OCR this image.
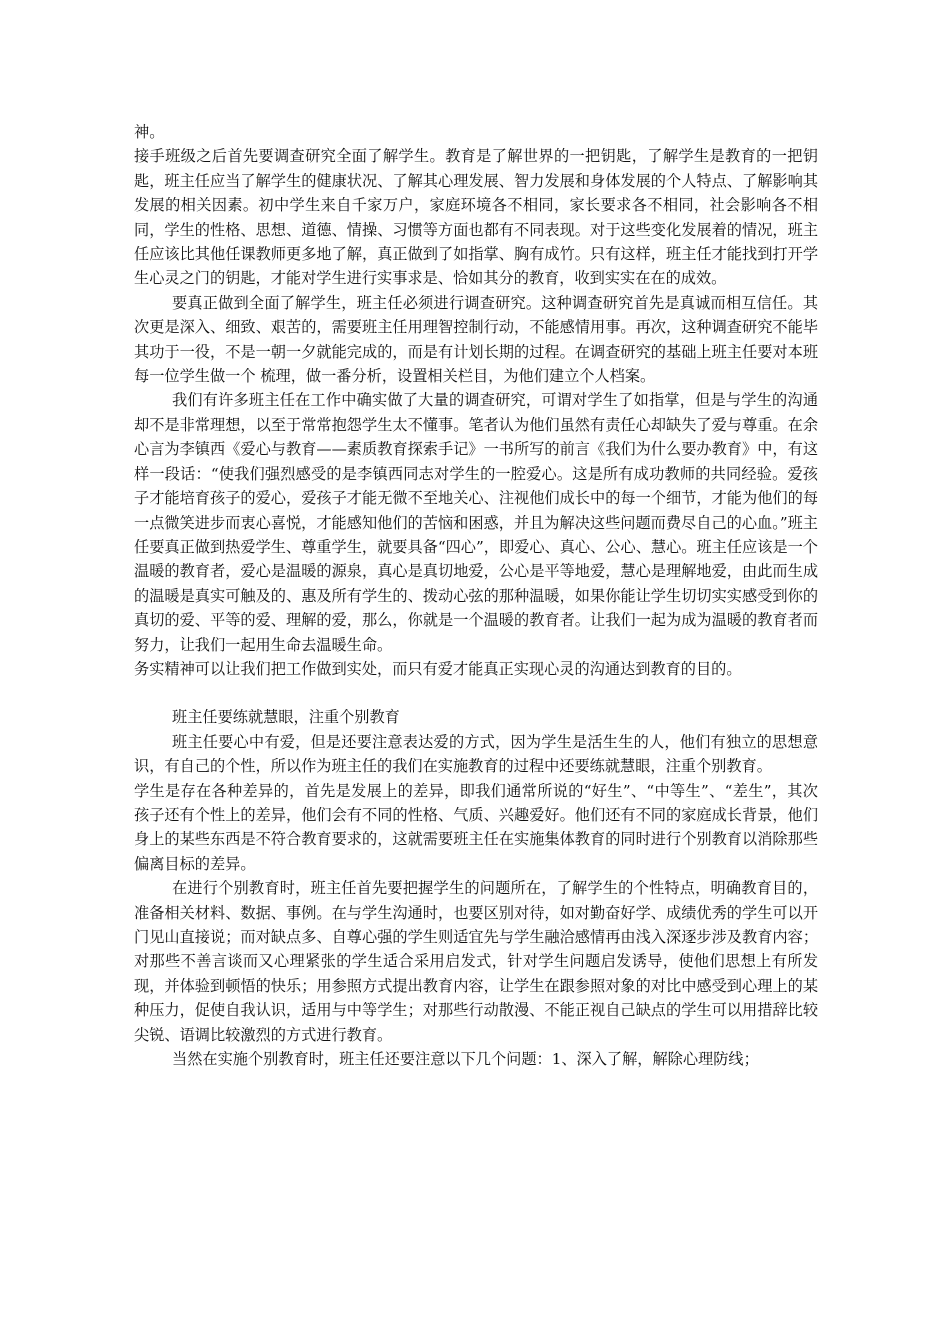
神。

接手班级之后首先要调查研究全面了解学生。教育是了解世界的一把钥匙，了解学生是教育的一把钥匙，班主任应当了解学生的健康状况、了解其心理发展、智力发展和身体发展的个人特点、了解影响其发展的相关因素。初中学生来自千家万户，家庭环境各不相同，家长要求各不相同，社会影响各不相同，学生的性格、思想、道德、情操、习惯等方面也都有不同表现。对于这些变化发展着的情况，班主任应该比其他任课教师更多地了解，真正做到了如指掌、胸有成竹。只有这样，班主任才能找到打开学生心灵之门的钥匙，才能对学生进行实事求是、恰如其分的教育，收到实实在在的成效。

要真正做到全面了解学生，班主任必须进行调查研究。这种调查研究首先是真诚而相互信任。其次更是深入、细致、艰苦的，需要班主任用理智控制行动，不能感情用事。再次，这种调查研究不能毕其功于一役，不是一朝一夕就能完成的，而是有计划长期的过程。在调查研究的基础上班主任要对本班每一位学生做一个 梳理，做一番分析，设置相关栏目，为他们建立个人档案。

我们有许多班主任在工作中确实做了大量的调查研究，可谓对学生了如指掌，但是与学生的沟通却不是非常理想，以至于常常抱怨学生太不懂事。笔者认为他们虽然有责任心却缺失了爱与尊重。在余心言为李镇西《爱心与教育——素质教育探索手记》一书所写的前言《我们为什么要办教育》中，有这样一段话：“使我们强烈感受的是李镇西同志对学生的一腔爱心。这是所有成功教师的共同经验。爱孩子才能培育孩子的爱心，爱孩子才能无微不至地关心、注视他们成长中的每一个细节，才能为他们的每一点微笑进步而衷心喜悦，才能感知他们的苦恼和困惑，并且为解决这些问题而费尽自己的心血。”班主任要真正做到热爱学生、尊重学生，就要具备“四心”，即爱心、真心、公心、慧心。班主任应该是一个温暖的教育者，爱心是温暖的源泉，真心是真切地爱，公心是平等地爱，慧心是理解地爱，由此而生成的温暖是真实可触及的、惠及所有学生的、拨动心弦的那种温暖，如果你能让学生切切实实感受到你的真切的爱、平等的爱、理解的爱，那么，你就是一个温暖的教育者。让我们一起为成为温暖的教育者而努力，让我们一起用生命去温暖生命。

务实精神可以让我们把工作做到实处，而只有爱才能真正实现心灵的沟通达到教育的目的。

班主任要练就慧眼，注重个别教育

班主任要心中有爱，但是还要注意表达爱的方式，因为学生是活生生的人，他们有独立的思想意识，有自己的个性，所以作为班主任的我们在实施教育的过程中还要练就慧眼，注重个别教育。

学生是存在各种差异的，首先是发展上的差异，即我们通常所说的“好生”、“中等生”、“差生”，其次孩子还有个性上的差异，他们会有不同的性格、气质、兴趣爱好。他们还有不同的家庭成长背景，他们身上的某些东西是不符合教育要求的，这就需要班主任在实施集体教育的同时进行个别教育以消除那些偏离目标的差异。

在进行个别教育时，班主任首先要把握学生的问题所在，了解学生的个性特点，明确教育目的，准备相关材料、数据、事例。在与学生沟通时，也要区别对待，如对勤奋好学、成绩优秀的学生可以开门见山直接说；而对缺点多、自尊心强的学生则适宜先与学生融洽感情再由浅入深逐步涉及教育内容；对那些不善言谈而又心理紧张的学生适合采用启发式，针对学生问题启发诱导，使他们思想上有所发现，并体验到顿悟的快乐；用参照方式提出教育内容，让学生在跟参照对象的对比中感受到心理上的某种压力，促使自我认识，适用与中等学生；对那些行动散漫、不能正视自己缺点的学生可以用措辞比较尖锐、语调比较激烈的方式进行教育。

当然在实施个别教育时，班主任还要注意以下几个问题：1、深入了解，解除心理防线；
